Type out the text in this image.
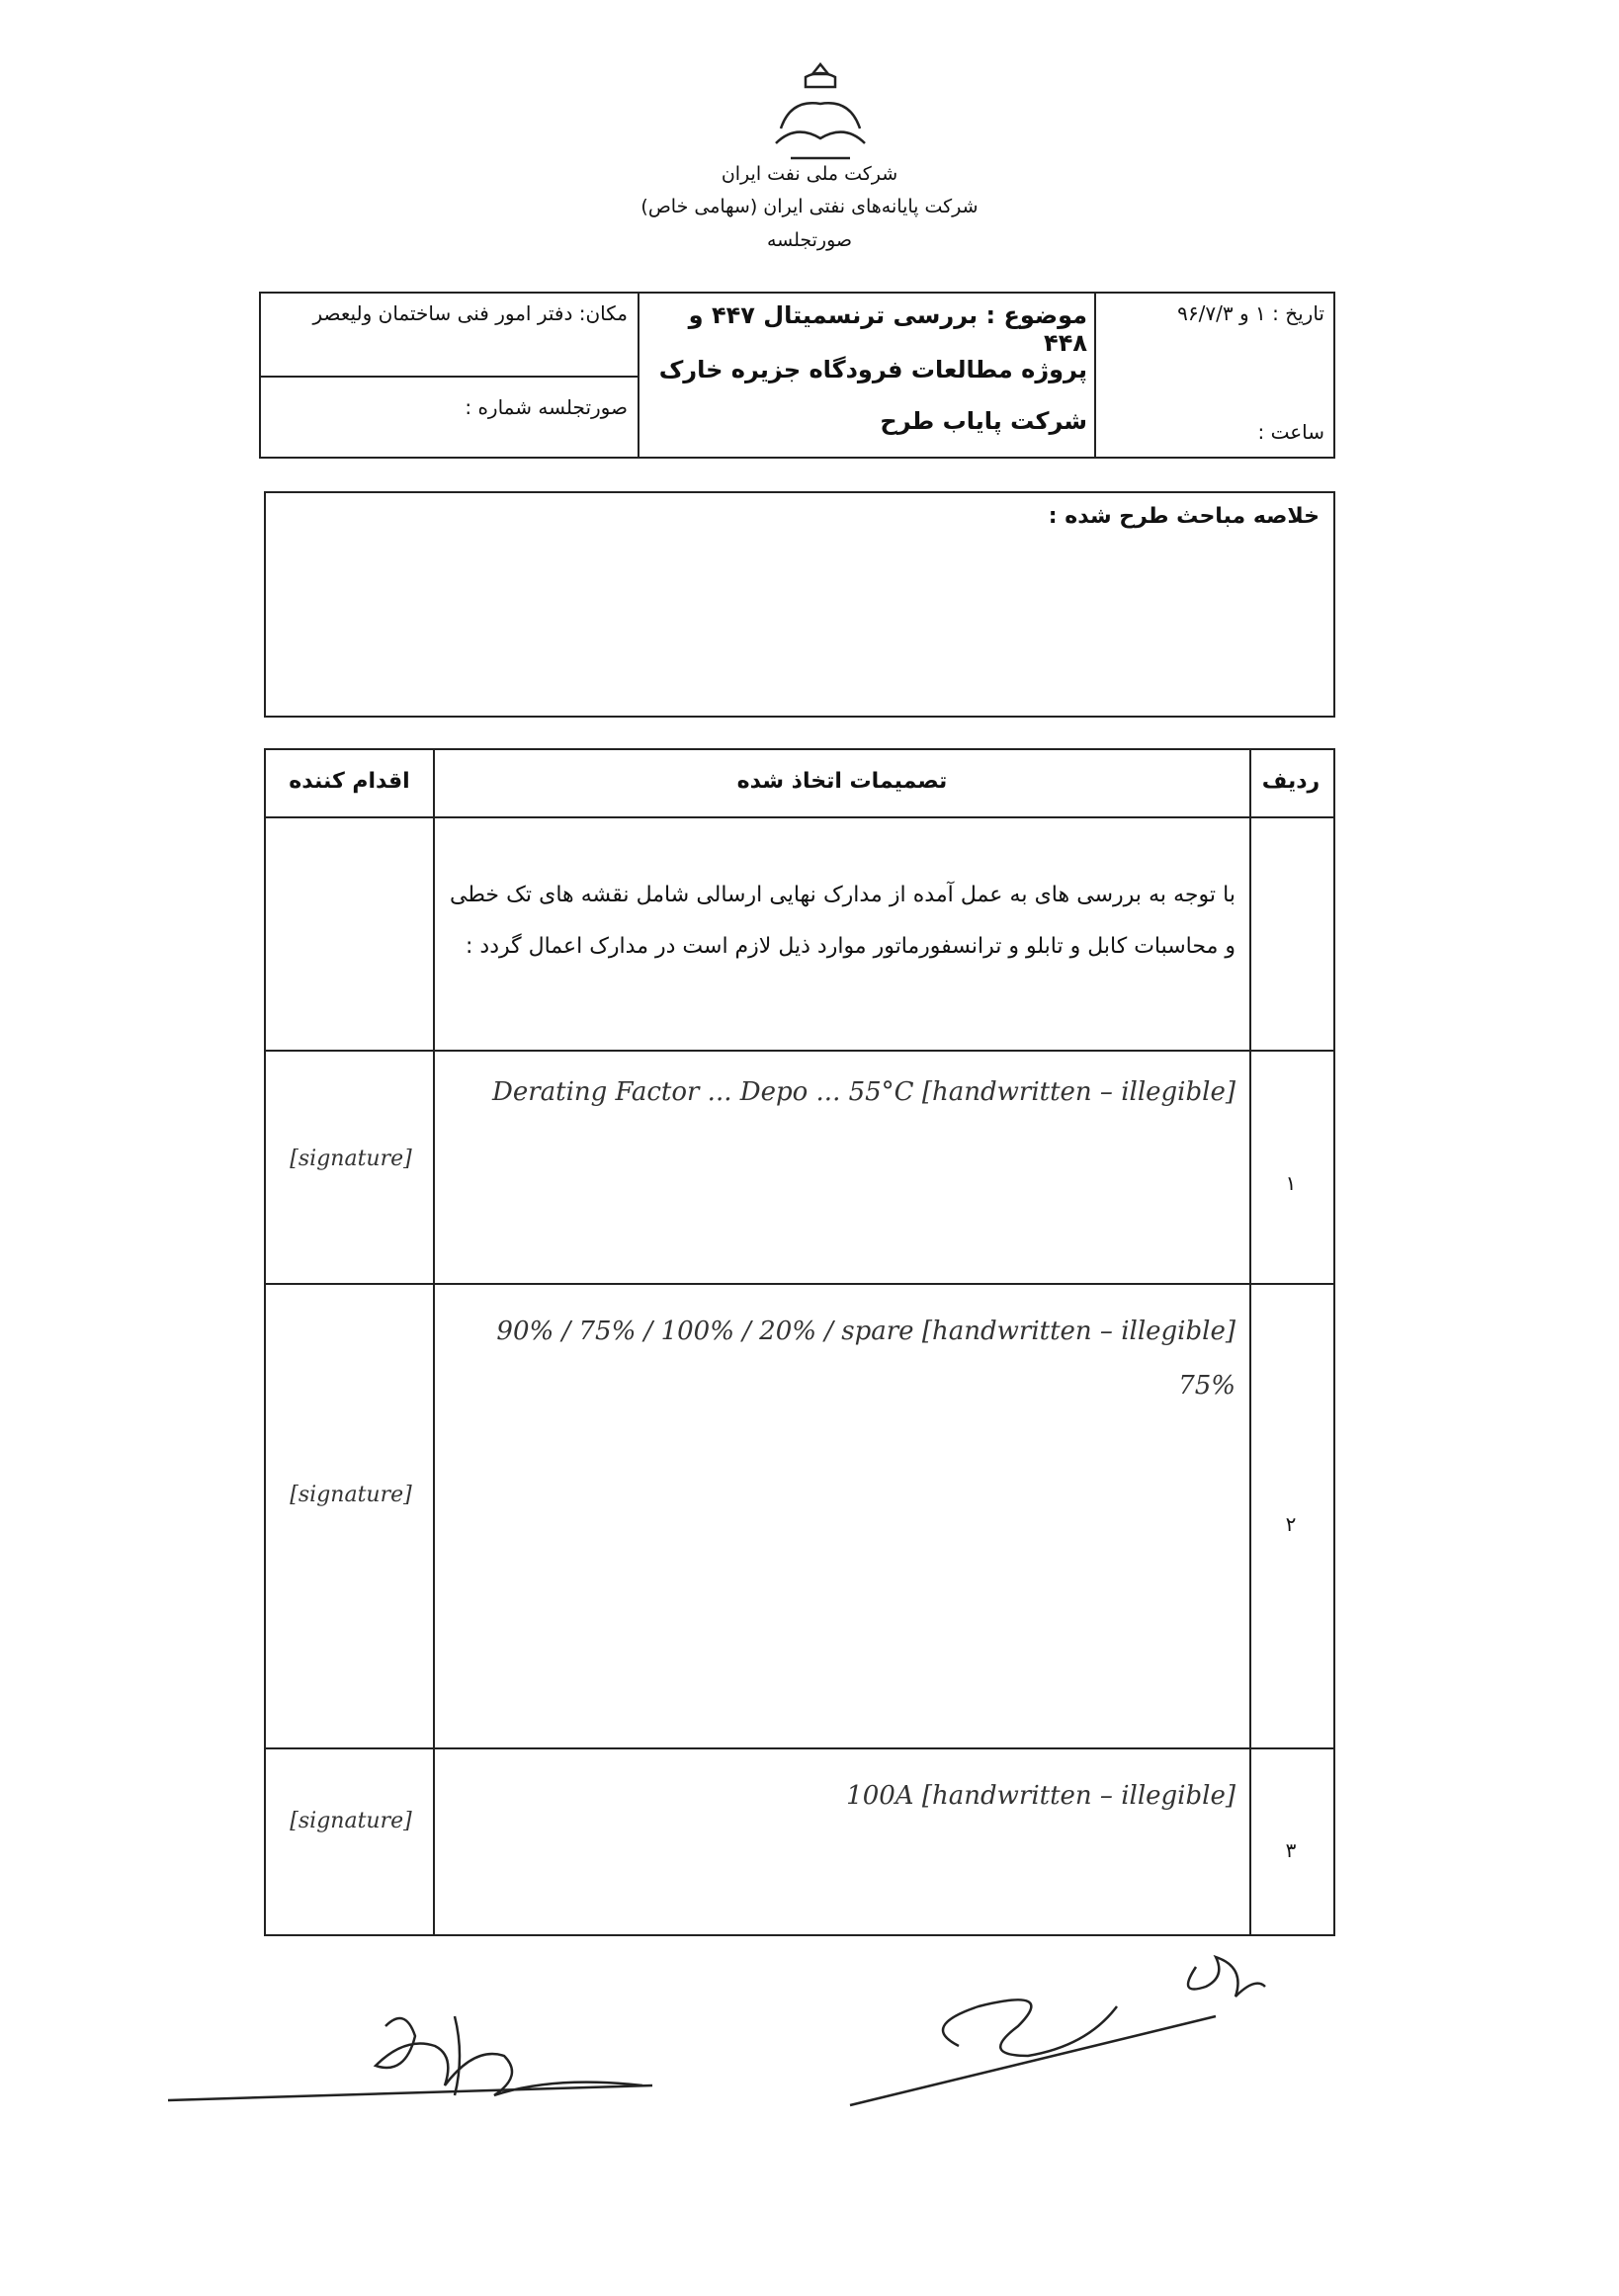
شرکت ملی نفت ایران
شرکت پایانه‌های نفتی ایران (سهامی خاص)
صورتجلسه
تاریخ : ۱ و ۹۶/۷/۳
ساعت :
موضوع : بررسی ترنسمیتال ۴۴۷ و ۴۴۸
پروژه مطالعات فرودگاه جزیره خارک
شرکت پایاب طرح
مکان: دفتر امور فنی ساختمان ولیعصر
صورتجلسه شماره :
خلاصه مباحث طرح شده :
ردیف
تصمیمات اتخاذ شده
اقدام کننده
با توجه به بررسی های به عمل آمده از مدارک نهایی ارسالی شامل نقشه های تک خطی و محاسبات کابل و تابلو و ترانسفورماتور موارد ذیل لازم است در مدارک اعمال گردد :
۱
[handwritten – illegible] Derating Factor ... Depo ... 55°C
[signature]
۲
[handwritten – illegible] 90% / 75% / 100% / 20% / spare 75%
[signature]
۳
[handwritten – illegible] 100A
[signature]
